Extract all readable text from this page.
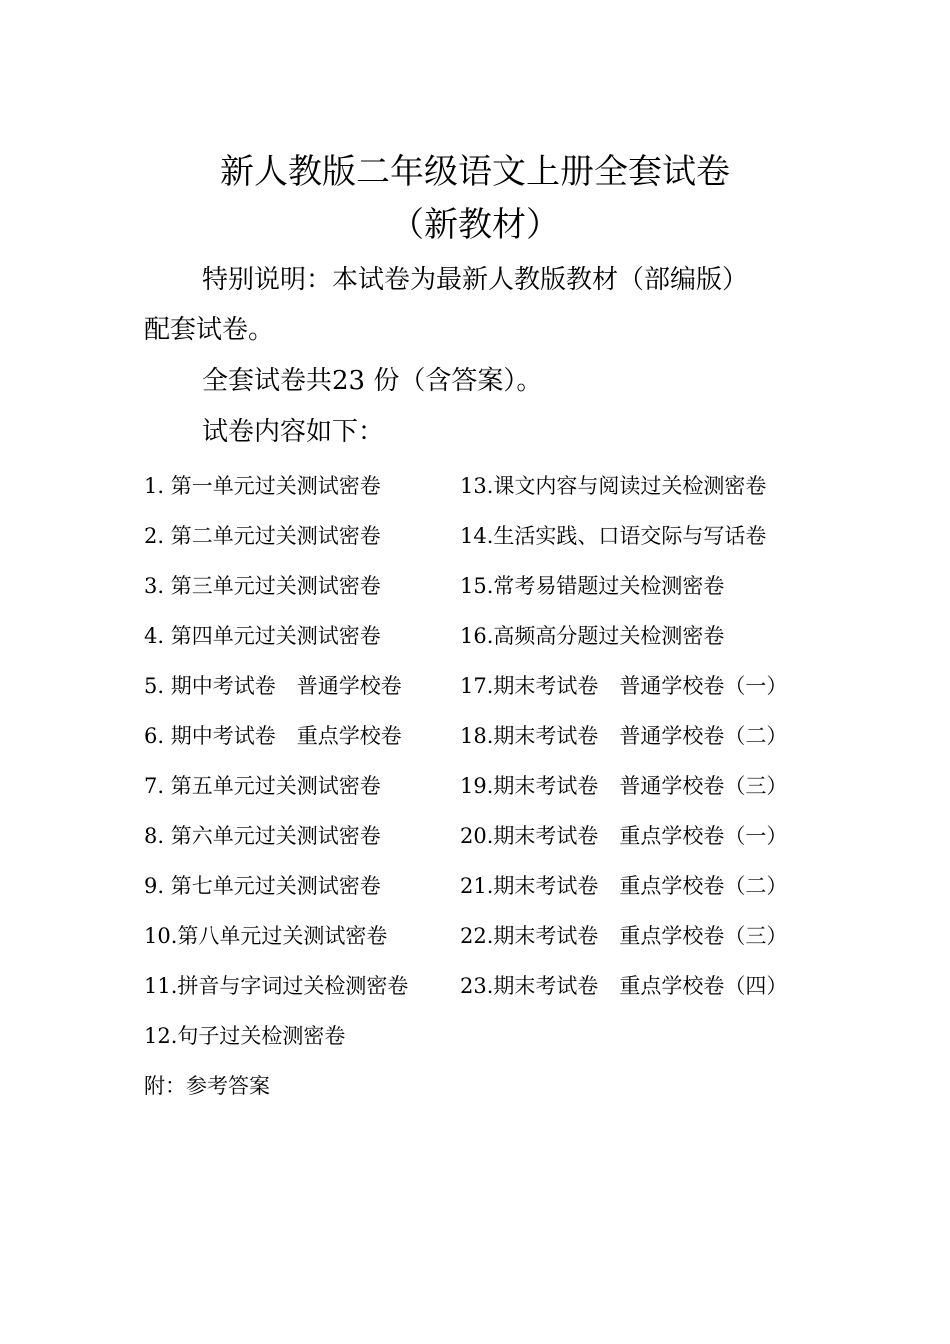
新人教版二年级语文上册全套试卷
（新教材）
特别说明：本试卷为最新人教版教材（部编版）
配套试卷。
全套试卷共23 份（含答案）。
试卷内容如下：
1. 第一单元过关测试密卷	13.课文内容与阅读过关检测密卷
2. 第二单元过关测试密卷	14.生活实践、口语交际与写话卷
3. 第三单元过关测试密卷	15.常考易错题过关检测密卷
4. 第四单元过关测试密卷	16.高频高分题过关检测密卷
5. 期中考试卷　普通学校卷	17.期末考试卷　普通学校卷（一）
6. 期中考试卷　重点学校卷	18.期末考试卷　普通学校卷（二）
7. 第五单元过关测试密卷	19.期末考试卷　普通学校卷（三）
8. 第六单元过关测试密卷	20.期末考试卷　重点学校卷（一）
9. 第七单元过关测试密卷	21.期末考试卷　重点学校卷（二）
10.第八单元过关测试密卷	22.期末考试卷　重点学校卷（三）
11.拼音与字词过关检测密卷 23.期末考试卷　重点学校卷（四）
12.句子过关检测密卷
附：参考答案
